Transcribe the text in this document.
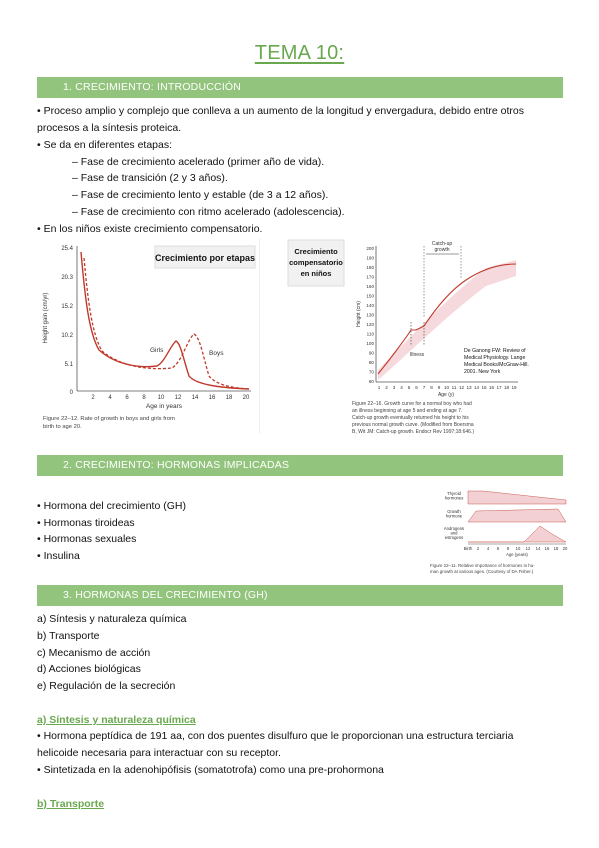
TEMA 10:
1. CRECIMIENTO: INTRODUCCIÓN
• Proceso amplio y complejo que conlleva a un aumento de la longitud y envergadura, debido entre otros
procesos a la síntesis proteica.
• Se da en diferentes etapas:
– Fase de crecimiento acelerado (primer año de vida).
– Fase de transición (2 y 3 años).
– Fase de crecimiento lento y estable (de 3 a 12 años).
– Fase de crecimiento con ritmo acelerado (adolescencia).
• En los niños existe crecimiento compensatorio.
Crecimiento por etapas
Height gain (cm/yr)
25.4
20.3
15.2
10.2
5.1
0
2 4 6 8 10 12 14 16 18 20
Age in years
Girls	Boys
Figure 22–12. Rate of growth in boys and girls from
birth to age 20.
Crecimiento
compensatorio
en niños
Height (cm)
200
190
180
170
160
150
140
130
120
110
100
90
80
70
60
1 2 3 4 5 6 7 8 9 10 11 12 13 14 15 16 17 18 19
Age (y)
Catch-up
growth
Illness
De Ganong FW: Review of
Medical Physiology. Lange
Medical Books/McGraw-Hill.
2001. New York
Figure 22–16. Growth curve for a normal boy who had
an illness beginning at age 5 and ending at age 7.
Catch-up growth eventually returned his height to his
previous normal growth curve. (Modified from Boersma
B, Wit JM: Catch-up growth. Endocr Rev 1997;18:646.)
2. CRECIMIENTO: HORMONAS IMPLICADAS
• Hormona del crecimiento (GH)
• Hormonas tiroideas
• Hormonas sexuales
• Insulina
Thyroid
hormones
Growth
hormone
Androgens
and
estrogens
Birth 2 4 6 8 10 12 14 16 18 20
Age (years)
Figure 22–11. Relative importance of hormones in hu-
man growth at various ages. (Courtesy of DA Fisher.)
3. HORMONAS DEL CRECIMIENTO (GH)
a) Síntesis y naturaleza química
b) Transporte
c) Mecanismo de acción
d) Acciones biológicas
e) Regulación de la secreción
a) Síntesis y naturaleza química
• Hormona peptídica de 191 aa, con dos puentes disulfuro que le proporcionan una estructura terciaria
helicoide necesaria para interactuar con su receptor.
• Sintetizada en la adenohipófisis (somatotrofa) como una pre-prohormona
b) Transporte
